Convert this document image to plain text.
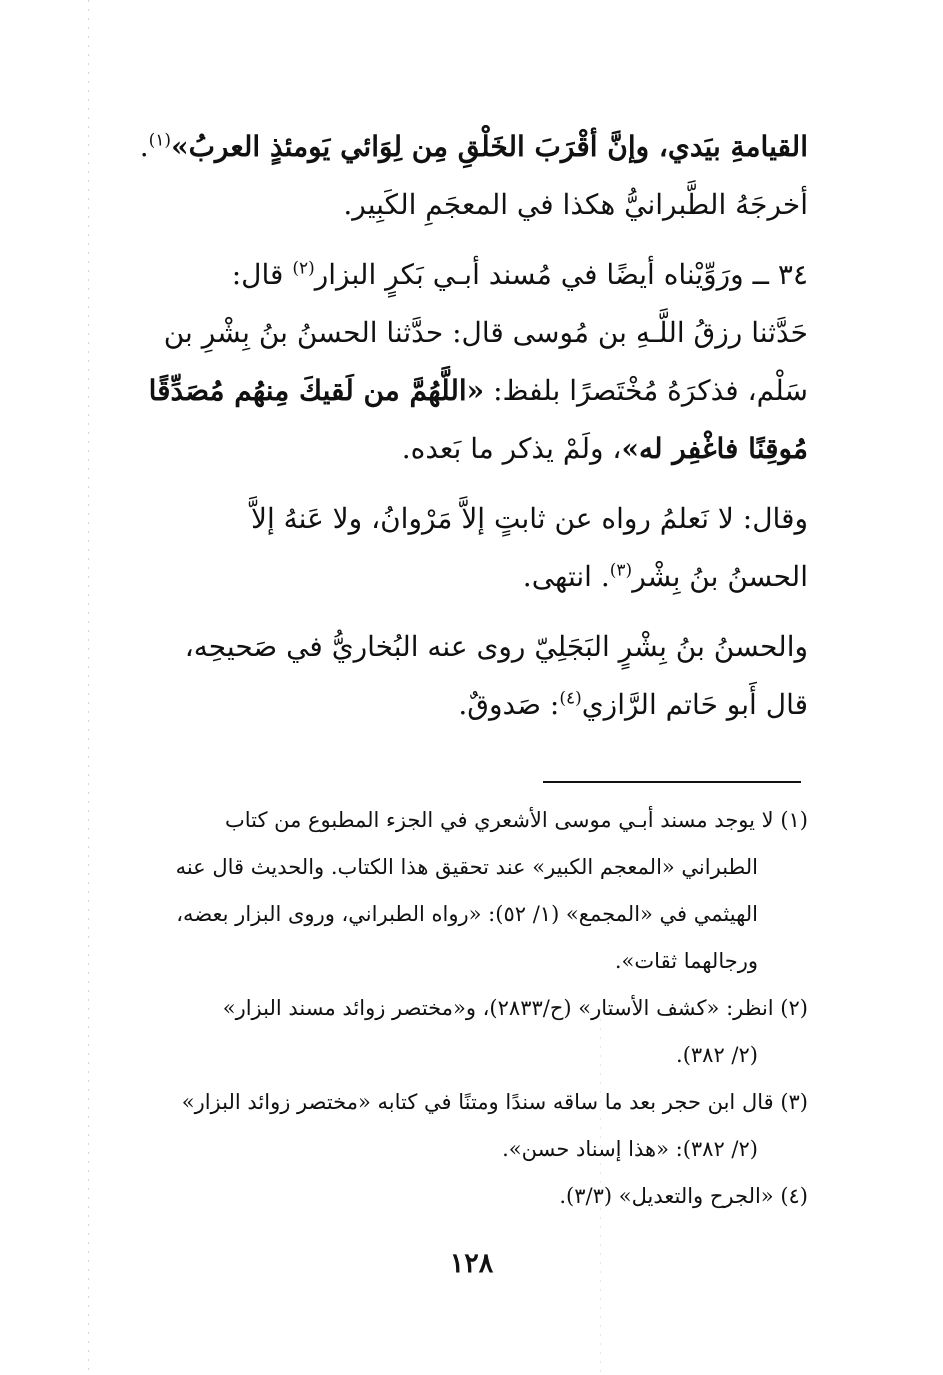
القيامةِ بيَدي، وإنَّ أقْرَبَ الخَلْقِ مِن لِوَائي يَومئذٍ العربُ»$^{(١)}$.
أخرجَهُ الطَّبرانيُّ هكذا في المعجَمِ الكَبِير.
٣٤ ــ ورَوِّيْناه أيضًا في مُسند أبـي بَكرٍ البزار$^{(٢)}$ قال:
حَدَّثنا رزقُ اللَّـهِ بن مُوسى قال: حدَّثنا الحسنُ بنُ بِشْرِ بن
سَلْم، فذكرَهُ مُخْتَصرًا بلفظ: «اللَّهُمَّ من لَقيكَ مِنهُم مُصَدِّقًا
مُوقِنًا فاغْفِر له»، ولَمْ يذكر ما بَعده.
وقال: لا نَعلمُ رواه عن ثابتٍ إلاَّ مَرْوانُ، ولا عَنهُ إلاَّ
الحسنُ بنُ بِشْر$^{(٣)}$. انتهى.
والحسنُ بنُ بِشْرٍ البَجَلِيّ روى عنه البُخاريُّ في صَحيحِه،
قال أَبو حَاتم الرَّازي$^{(٤)}$: صَدوقٌ.
(١) لا يوجد مسند أبـي موسى الأشعري في الجزء المطبوع من كتاب
الطبراني «المعجم الكبير» عند تحقيق هذا الكتاب. والحديث قال عنه
الهيثمي في «المجمع» (١/ ٥٢): «رواه الطبراني، وروى البزار بعضه،
ورجالهما ثقات».
(٢) انظر: «كشف الأستار» (ح/٢٨٣٣)، و«مختصر زوائد مسند البزار»
(٢/ ٣٨٢).
(٣) قال ابن حجر بعد ما ساقه سندًا ومتنًا في كتابه «مختصر زوائد البزار»
(٢/ ٣٨٢): «هذا إسناد حسن».
(٤) «الجرح والتعديل» (٣/٣).
١٢٨
